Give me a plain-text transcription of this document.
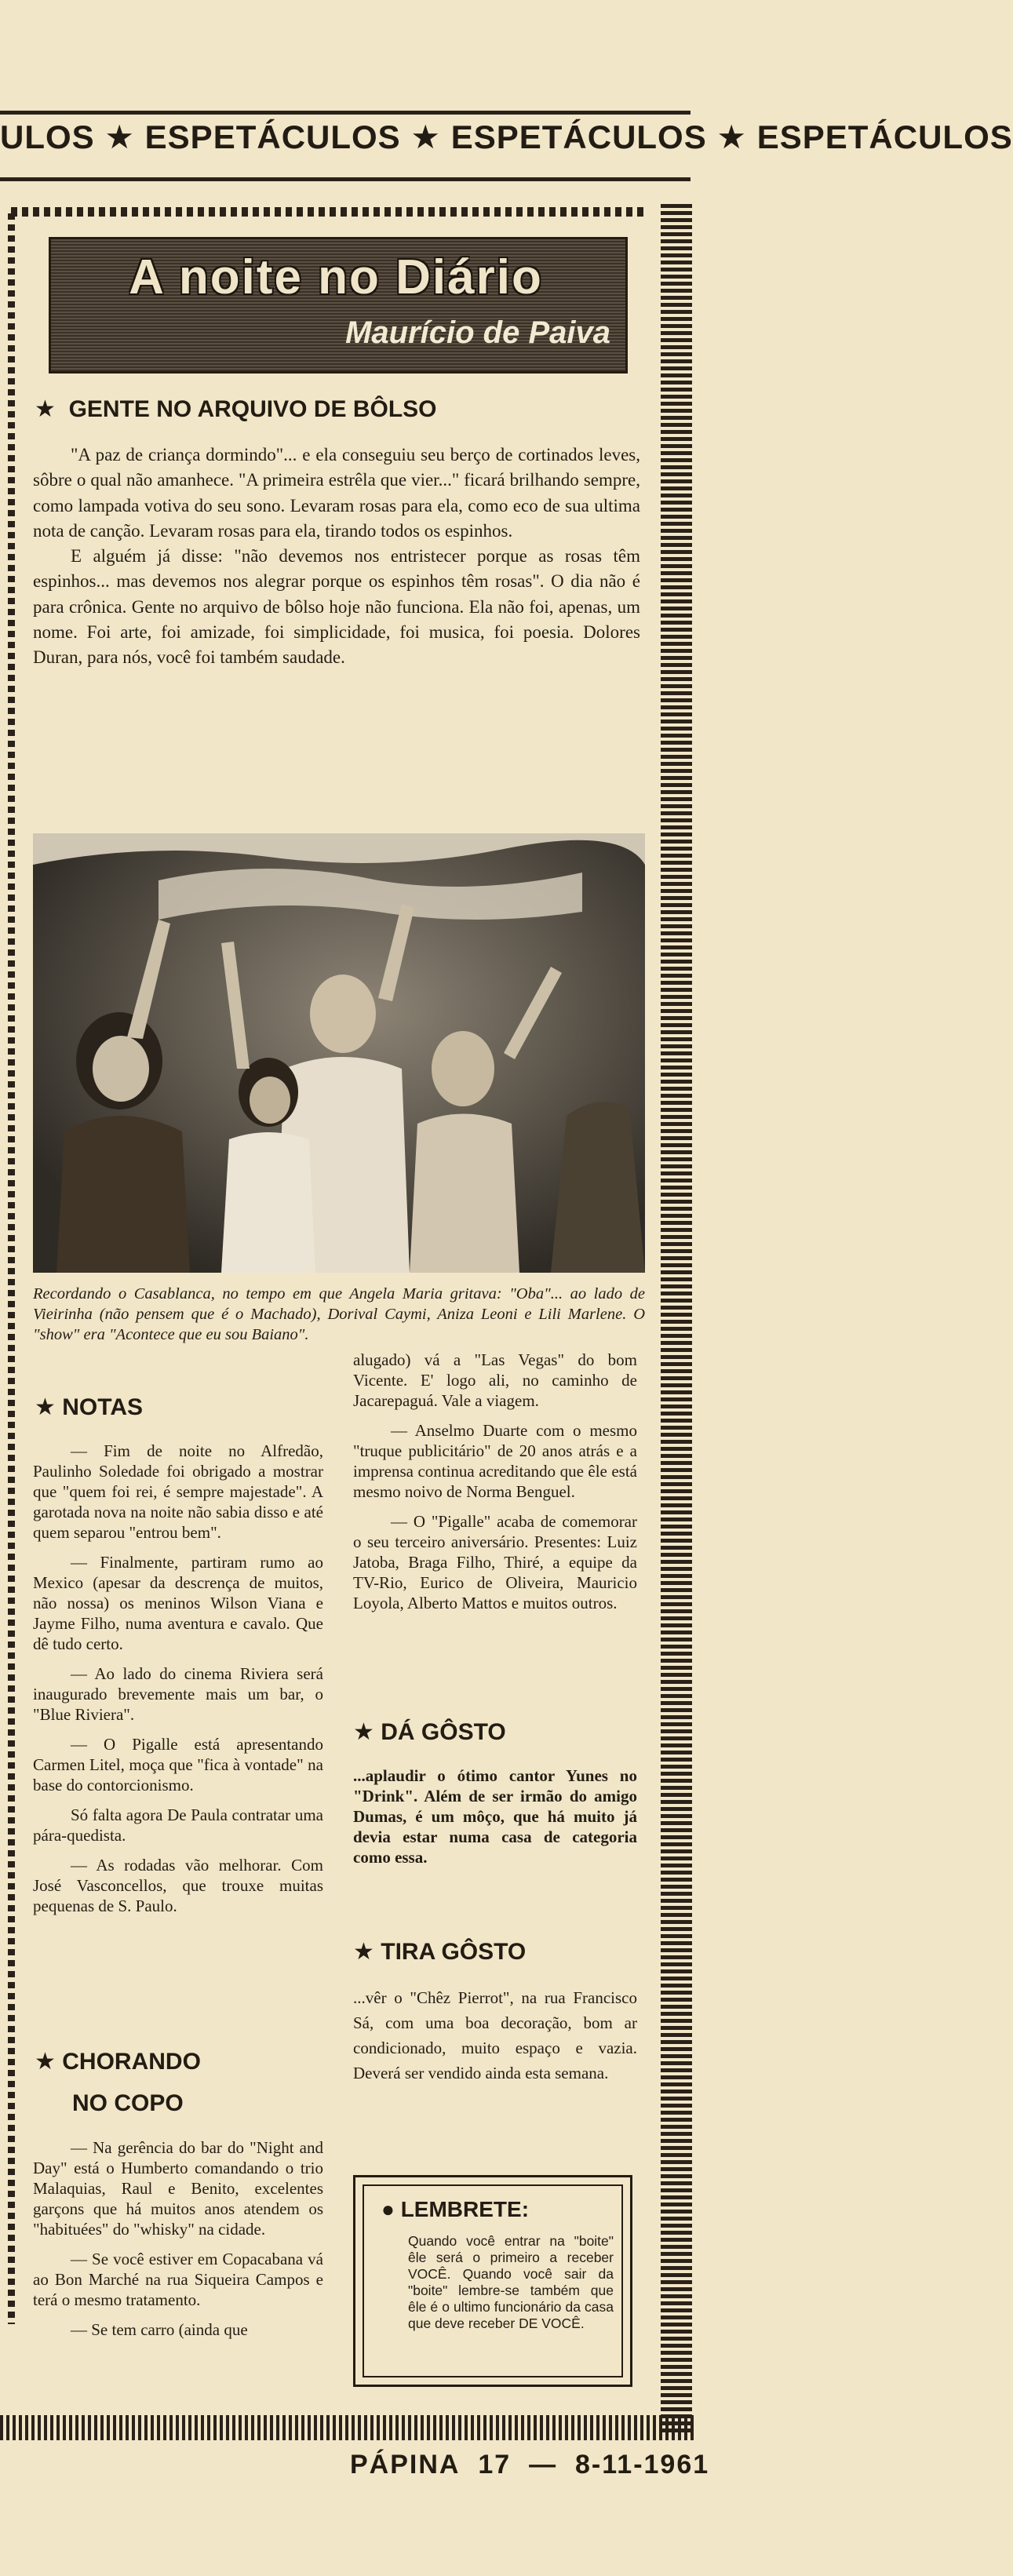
ULOS ★ ESPETÁCULOS ★ ESPETÁCULOS ★ ESPETÁCULOS
A noite no Diário
Maurício de Paiva
★ GENTE NO ARQUIVO DE BÔLSO

"A paz de criança dormindo"... e ela conseguiu seu berço de cortinados leves, sôbre o qual não amanhece. "A primeira estrêla que vier..." ficará brilhando sempre, como lampada votiva do seu sono. Levaram rosas para ela, como eco de sua ultima nota de canção. Levaram rosas para ela, tirando todos os espinhos.

E alguém já disse: "não devemos nos entristecer porque as rosas têm espinhos... mas devemos nos alegrar porque os espinhos têm rosas". O dia não é para crônica. Gente no arquivo de bôlso hoje não funciona. Ela não foi, apenas, um nome. Foi arte, foi amizade, foi simplicidade, foi musica, foi poesia. Dolores Duran, para nós, você foi também saudade.

Recordando o Casablanca, no tempo em que Angela Maria gritava: "Oba"... ao lado de Vieirinha (não pensem que é o Machado), Dorival Caymi, Aniza Leoni e Lili Marlene. O "show" era "Acontece que eu sou Baiano".
★ NOTAS

— Fim de noite no Alfredão, Paulinho Soledade foi obrigado a mostrar que "quem foi rei, é sempre majestade". A garotada nova na noite não sabia disso e até quem separou "entrou bem".

— Finalmente, partiram rumo ao Mexico (apesar da descrença de muitos, não nossa) os meninos Wilson Viana e Jayme Filho, numa aventura e cavalo. Que dê tudo certo.

— Ao lado do cinema Riviera será inaugurado brevemente mais um bar, o "Blue Riviera".

— O Pigalle está apresentando Carmen Litel, moça que "fica à vontade" na base do contorcionismo.

Só falta agora De Paula contratar uma pára-quedista.

— As rodadas vão melhorar. Com José Vasconcellos, que trouxe muitas pequenas de S. Paulo.

★ CHORANDO
NO COPO

— Na gerência do bar do "Night and Day" está o Humberto comandando o trio Malaquias, Raul e Benito, excelentes garçons que há muitos anos atendem os "habituées" do "whisky" na cidade.

— Se você estiver em Copacabana vá ao Bon Marché na rua Siqueira Campos e terá o mesmo tratamento.

— Se tem carro (ainda que

alugado) vá a "Las Vegas" do bom Vicente. E' logo ali, no caminho de Jacarepaguá. Vale a viagem.

— Anselmo Duarte com o mesmo "truque publicitário" de 20 anos atrás e a imprensa continua acreditando que êle está mesmo noivo de Norma Benguel.

— O "Pigalle" acaba de comemorar o seu terceiro aniversário. Presentes: Luiz Jatoba, Braga Filho, Thiré, a equipe da TV-Rio, Eurico de Oliveira, Mauricio Loyola, Alberto Mattos e muitos outros.

★ DÁ GÔSTO
...aplaudir o ótimo cantor Yunes no "Drink". Além de ser irmão do amigo Dumas, é um môço, que há muito já devia estar numa casa de categoria como essa.
★ TIRA GÔSTO
...vêr o "Chêz Pierrot", na rua Francisco Sá, com uma boa decoração, bom ar condicionado, muito espaço e vazia. Deverá ser vendido ainda esta semana.
● LEMBRETE:
Quando você entrar na "boite" êle será o primeiro a receber VOCÊ. Quando você sair da "boite" lembre-se também que êle é o ultimo funcionário da casa que deve receber DE VOCÊ.
PÁPINA 17 — 8-11-1961
